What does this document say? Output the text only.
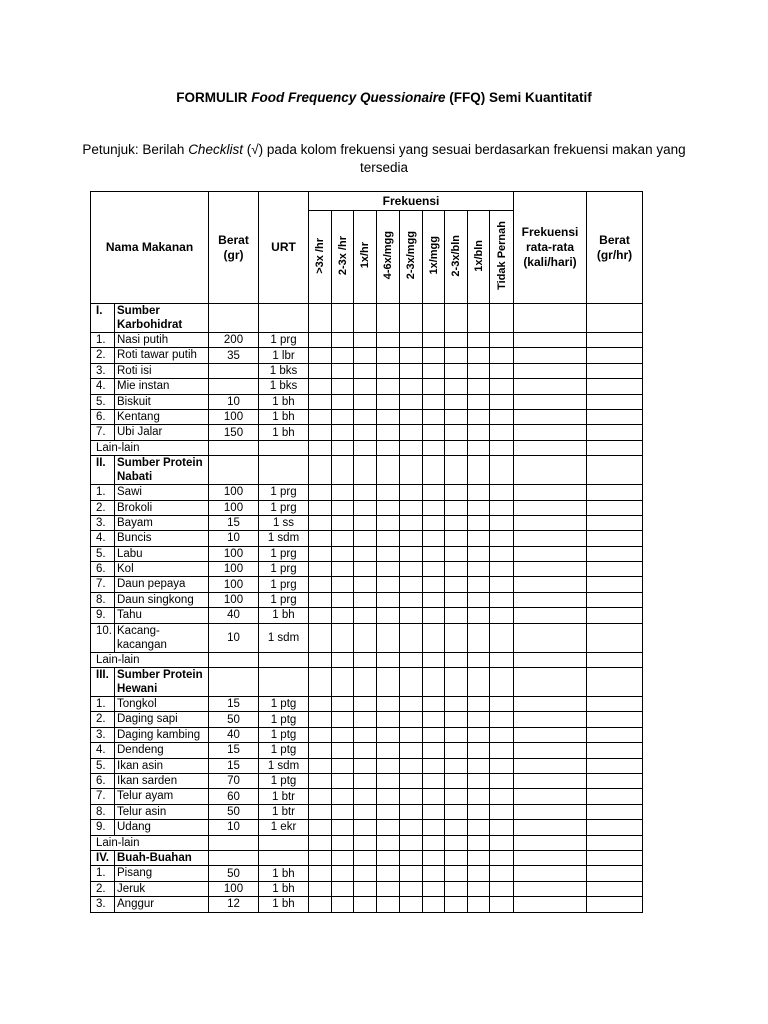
FORMULIR Food Frequency Quessionaire (FFQ) Semi Kuantitatif
Petunjuk: Berilah Checklist (√) pada kolom frekuensi yang sesuai berdasarkan frekuensi makan yang tersedia
Nama Makanan		Berat (gr)	URT	Frekuensi									Frekuensi rata-rata (kali/hari)	Berat (gr/hr)
				>3x /hr	2-3x /hr	1x/hr	4-6x/mgg	2-3x/mgg	1x/mgg	2-3x/bln	1x/bln	Tidak Pernah		
I.	Sumber Karbohidrat													
1.	Nasi putih	200	1 prg											
2.	Roti tawar putih	35	1 lbr											
3.	Roti isi		1 bks											
4.	Mie instan		1 bks											
5.	Biskuit	10	1 bh											
6.	Kentang	100	1 bh											
7.	Ubi Jalar	150	1 bh											
Lain-lain														
II.	Sumber Protein Nabati													
1.	Sawi	100	1 prg											
2.	Brokoli	100	1 prg											
3.	Bayam	15	1 ss											
4.	Buncis	10	1 sdm											
5.	Labu	100	1 prg											
6.	Kol	100	1 prg											
7.	Daun pepaya	100	1 prg											
8.	Daun singkong	100	1 prg											
9.	Tahu	40	1 bh											
10.	Kacang-kacangan	10	1 sdm											
Lain-lain														
III.	Sumber Protein Hewani													
1.	Tongkol	15	1 ptg											
2.	Daging sapi	50	1 ptg											
3.	Daging kambing	40	1 ptg											
4.	Dendeng	15	1 ptg											
5.	Ikan asin	15	1 sdm											
6.	Ikan sarden	70	1 ptg											
7.	Telur ayam	60	1 btr											
8.	Telur asin	50	1 btr											
9.	Udang	10	1 ekr											
Lain-lain														
IV.	Buah-Buahan													
1.	Pisang	50	1 bh											
2.	Jeruk	100	1 bh											
3.	Anggur	12	1 bh											
